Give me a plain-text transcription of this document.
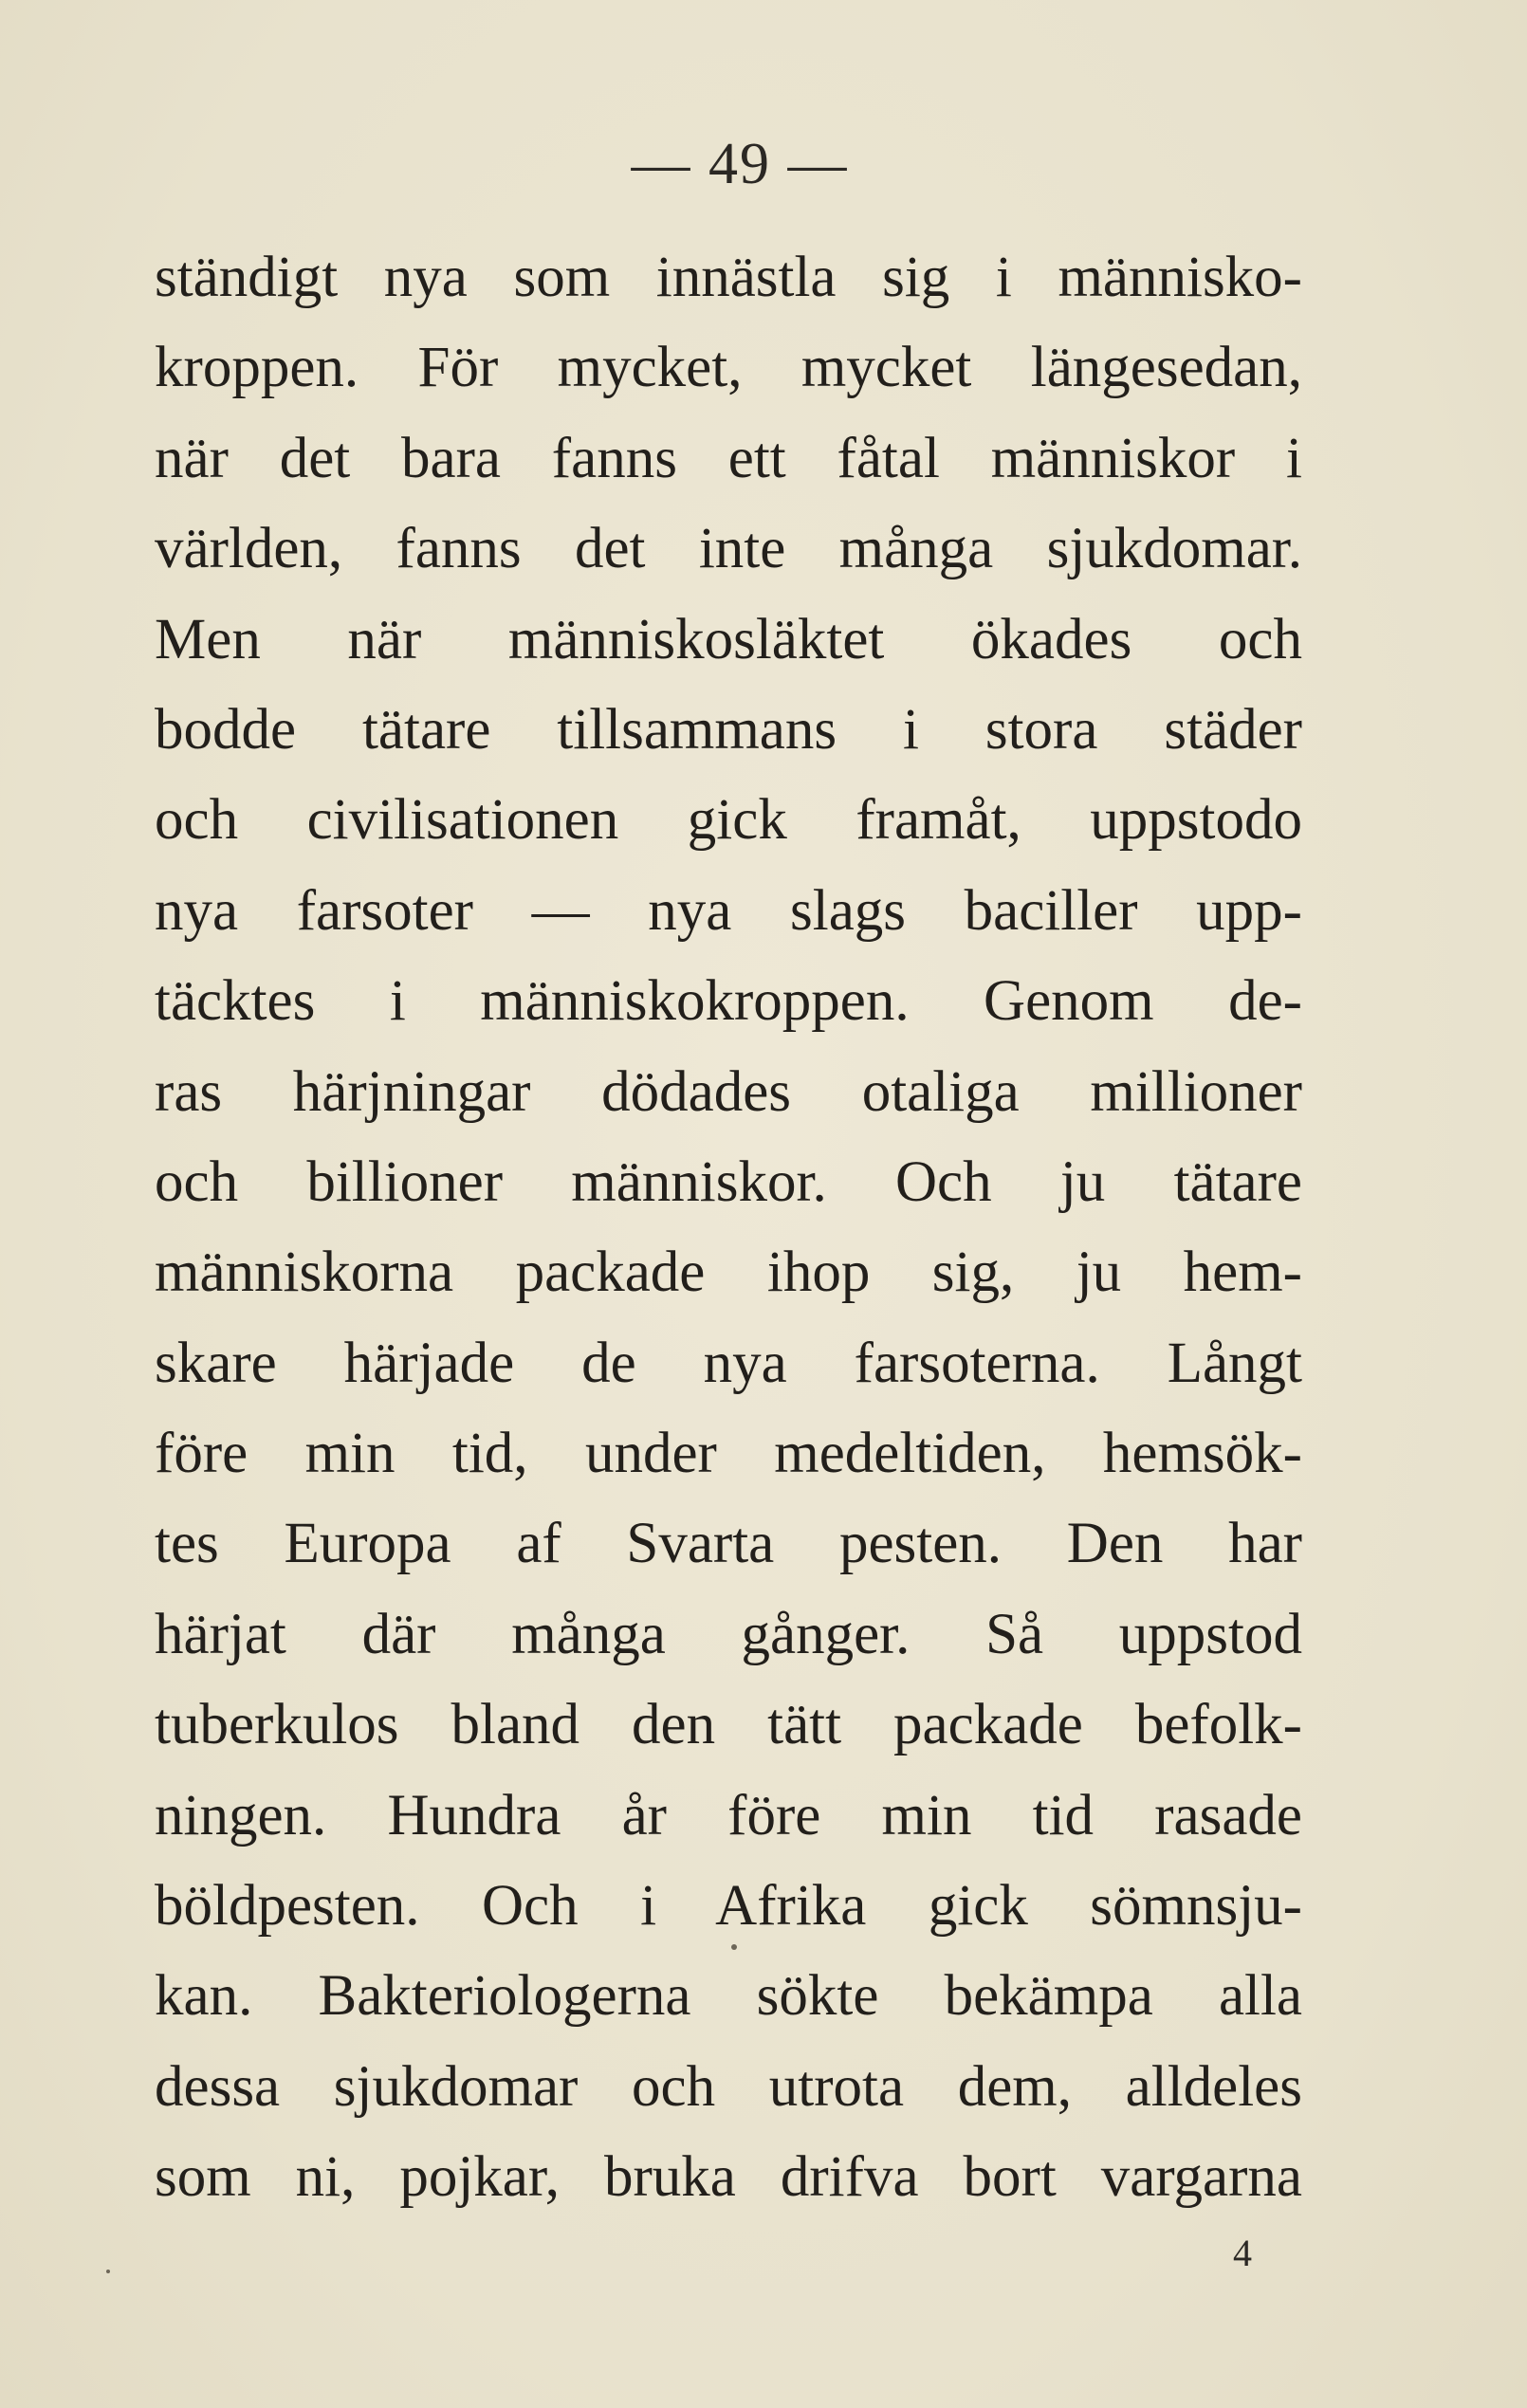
— 49 —
ständigt nya som innästla sig i människo-
kroppen. För mycket, mycket längesedan,
när det bara fanns ett fåtal människor i
världen, fanns det inte många sjukdomar.
Men när människosläktet ökades och
bodde tätare tillsammans i stora städer
och civilisationen gick framåt, uppstodo
nya farsoter — nya slags baciller upp-
täcktes i människokroppen. Genom de-
ras härjningar dödades otaliga millioner
och billioner människor. Och ju tätare
människorna packade ihop sig, ju hem-
skare härjade de nya farsoterna. Långt
före min tid, under medeltiden, hemsök-
tes Europa af Svarta pesten. Den har
härjat där många gånger. Så uppstod
tuberkulos bland den tätt packade befolk-
ningen. Hundra år före min tid rasade
böldpesten. Och i Afrika gick sömnsju-
kan. Bakteriologerna sökte bekämpa alla
dessa sjukdomar och utrota dem, alldeles
som ni, pojkar, bruka drifva bort vargarna
4
